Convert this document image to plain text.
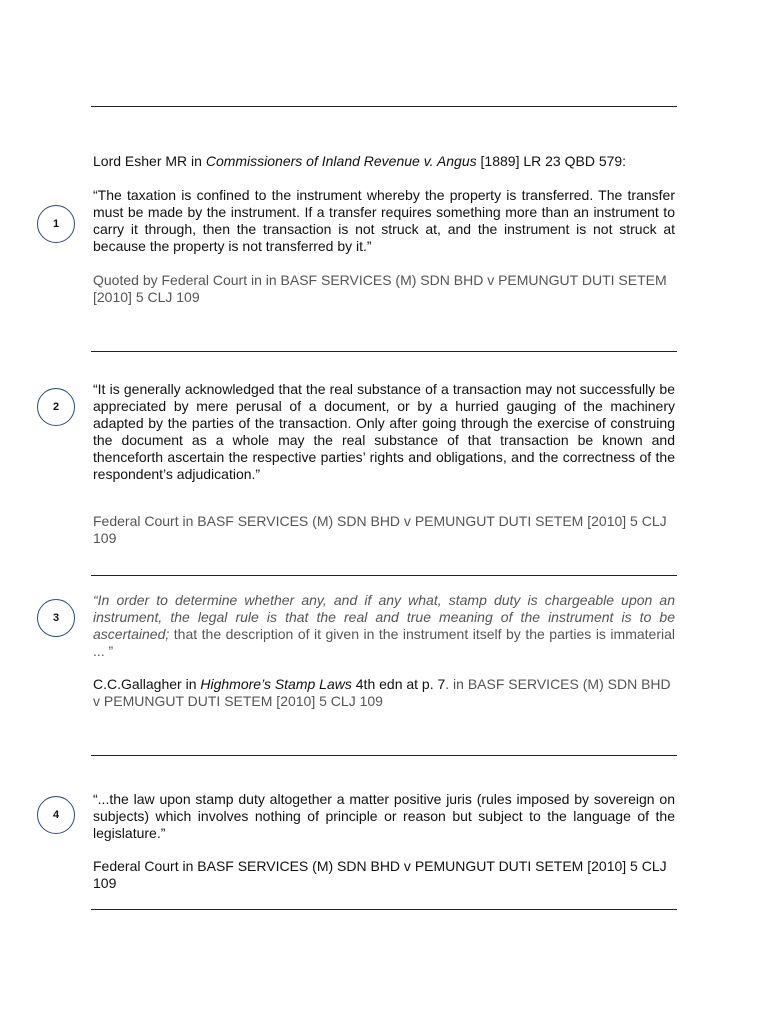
1
2
3
4

Lord Esher MR in Commissioners of Inland Revenue v. Angus [1889] LR 23 QBD 579:

“The taxation is confined to the instrument whereby the property is transferred. The transfer must be made by the instrument. If a transfer requires something more than an instrument to carry it through, then the transaction is not struck at, and the instrument is not struck at because the property is not transferred by it.”

Quoted by Federal Court in in BASF SERVICES (M) SDN BHD v PEMUNGUT DUTI SETEM [2010] 5 CLJ 109

“It is generally acknowledged that the real substance of a transaction may not successfully be appreciated by mere perusal of a document, or by a hurried gauging of the machinery adapted by the parties of the transaction. Only after going through the exercise of construing the document as a whole may the real substance of that transaction be known and thenceforth ascertain the respective parties’ rights and obligations, and the correctness of the respondent’s adjudication.”

Federal Court in BASF SERVICES (M) SDN BHD v PEMUNGUT DUTI SETEM [2010] 5 CLJ 109

“In order to determine whether any, and if any what, stamp duty is chargeable upon an instrument, the legal rule is that the real and true meaning of the instrument is to be ascertained; that the description of it given in the instrument itself by the parties is immaterial ... ”

C.C.Gallagher in Highmore’s Stamp Laws 4th edn at p. 7. in BASF SERVICES (M) SDN BHD v PEMUNGUT DUTI SETEM [2010] 5 CLJ 109

“...the law upon stamp duty altogether a matter positive juris (rules imposed by sovereign on subjects) which involves nothing of principle or reason but subject to the language of the legislature.”

Federal Court in BASF SERVICES (M) SDN BHD v PEMUNGUT DUTI SETEM [2010] 5 CLJ 109
